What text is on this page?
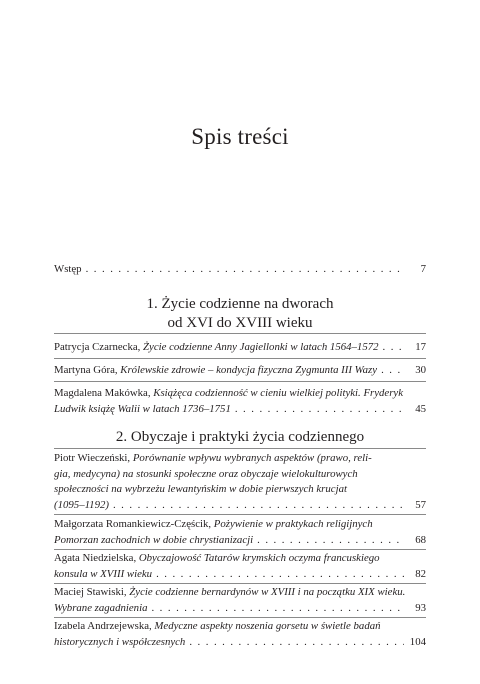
Spis treści
Wstęp . . .	7
1. Życie codzienne na dworach
od XVI do XVIII wieku
Patrycja Czarnecka, Życie codzienne Anny Jagiellonki w latach 1564–1572 . . .	17
Martyna Góra, Królewskie zdrowie – kondycja fizyczna Zygmunta III Wazy . . .	30
Magdalena Makówka, Książęca codzienność w cieniu wielkiej polityki. Fryderyk
Ludwik książę Walii w latach 1736–1751 . . .	45
2. Obyczaje i praktyki życia codziennego
Piotr Wieczeński, Porównanie wpływu wybranych aspektów (prawo, reli-
gia, medycyna) na stosunki społeczne oraz obyczaje wielokulturowych
społeczności na wybrzeżu lewantyńskim w dobie pierwszych krucjat
(1095–1192) . . .	57
Małgorzata Romankiewicz-Częścik, Pożywienie w praktykach religijnych
Pomorzan zachodnich w dobie chrystianizacji . . .	68
Agata Niedzielska, Obyczajowość Tatarów krymskich oczyma francuskiego
konsula w XVIII wieku . . .	82
Maciej Stawiski, Życie codzienne bernardynów w XVIII i na początku XIX wieku.
Wybrane zagadnienia . . .	93
Izabela Andrzejewska, Medyczne aspekty noszenia gorsetu w świetle badań
historycznych i współczesnych . . .	104
